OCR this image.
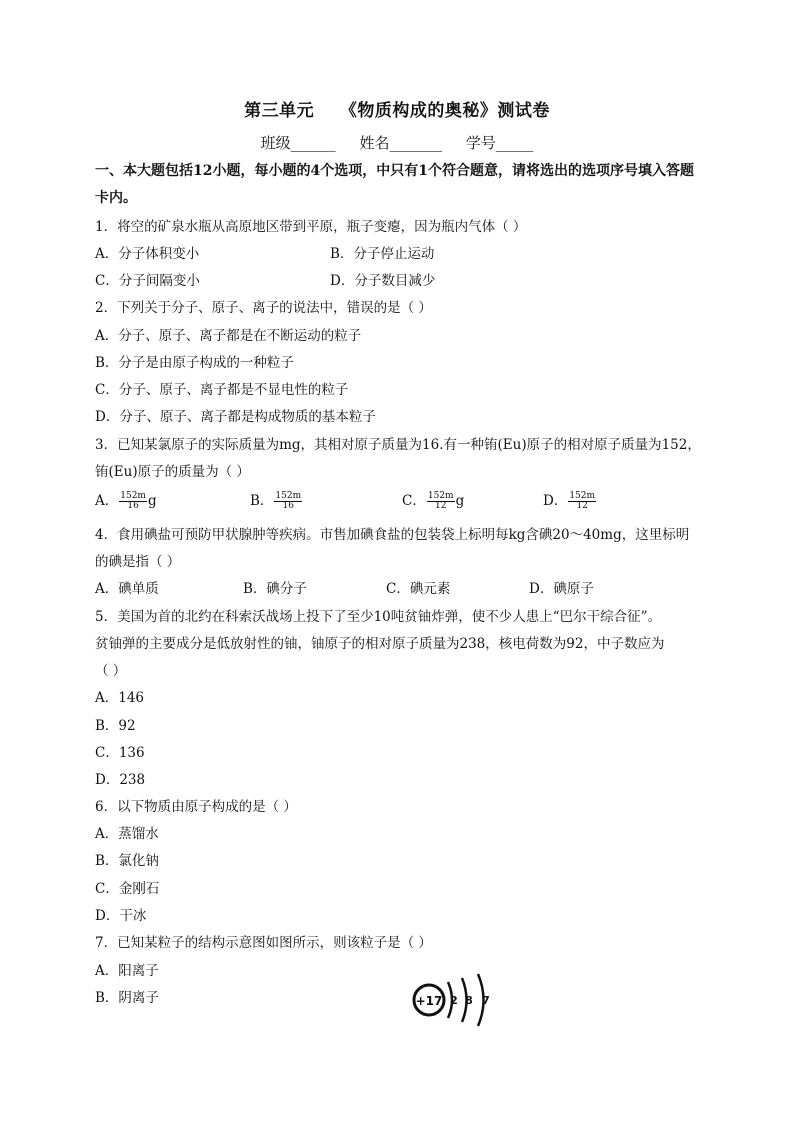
第三单元    《物质构成的奥秘》测试卷
班级______     姓名_______     学号_____
一、本大题包括12小题，每小题的4个选项，中只有1个符合题意，请将选出的选项序号填入答题卡内。
1．将空的矿泉水瓶从高原地区带到平原，瓶子变瘪，因为瓶内气体（ ）
A．分子体积变小	B．分子停止运动
C．分子间隔变小	D．分子数目减少
2．下列关于分子、原子、离子的说法中，错误的是（ ）
A．分子、原子、离子都是在不断运动的粒子
B．分子是由原子构成的一种粒子
C．分子、原子、离子都是不显电性的粒子
D．分子、原子、离子都是构成物质的基本粒子
3．已知某氯原子的实际质量为mg，其相对原子质量为16.有一种铕(Eu)原子的相对原子质量为152，
铕(Eu)原子的质量为（ ）
A． $\frac{152m}{16}$ g	B． $\frac{152m}{16}$	C． $\frac{152m}{12}$ g	D． $\frac{152m}{12}$
4．食用碘盐可预防甲状腺肿等疾病。市售加碘食盐的包装袋上标明每kg含碘20～40mg，这里标明
的碘是指（ ）
A．碘单质	B．碘分子	C．碘元素	D．碘原子
5．美国为首的北约在科索沃战场上投下了至少10吨贫铀炸弹，使不少人患上“巴尔干综合征”。
贫铀弹的主要成分是低放射性的铀，铀原子的相对原子质量为238，核电荷数为92，中子数应为
（ ）
A．146
B．92
C．136
D．238
6．以下物质由原子构成的是（ ）
A．蒸馏水
B．氯化钠
C．金刚石
D．干冰
7．已知某粒子的结构示意图如图所示，则该粒子是（ ）
A．阳离子
B．阴离子	+17 2 8 7
